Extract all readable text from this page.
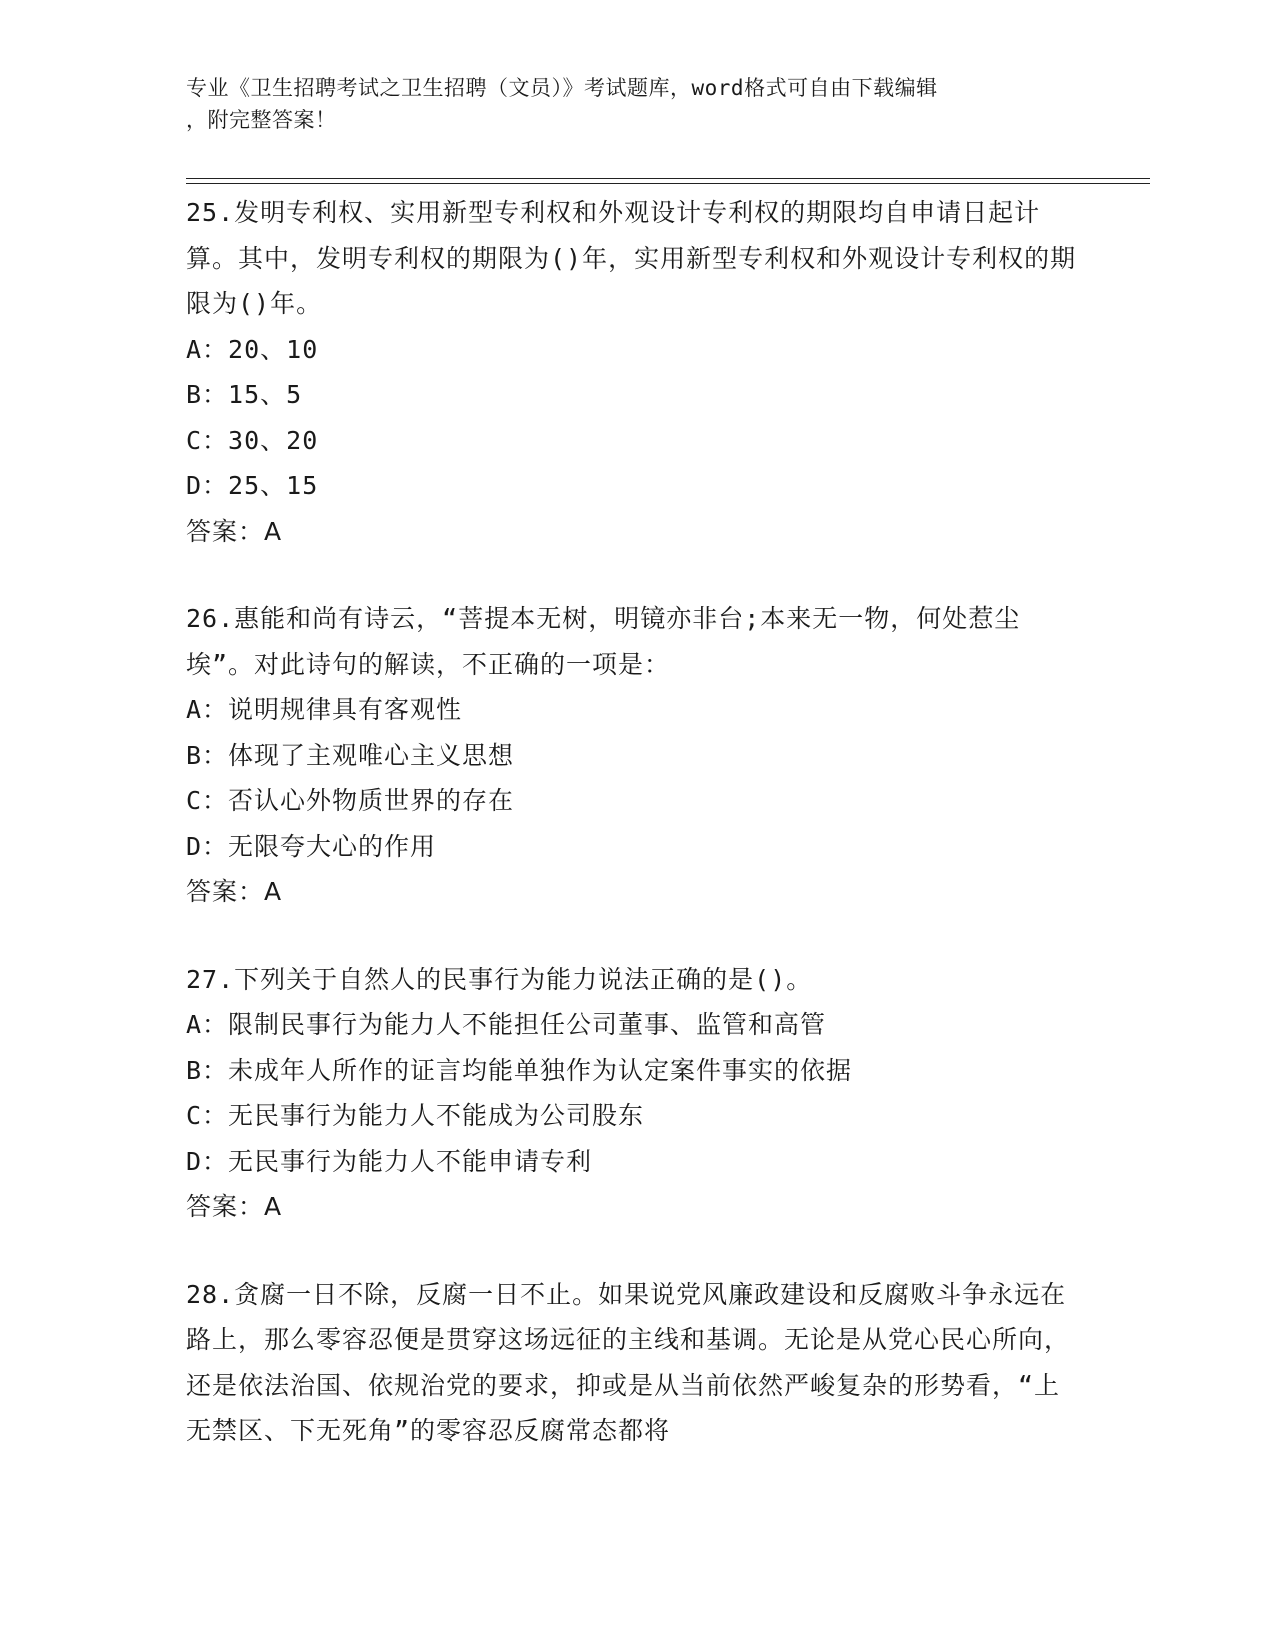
专业《卫生招聘考试之卫生招聘（文员）》考试题库，word格式可自由下载编辑
，附完整答案！
25.发明专利权、实用新型专利权和外观设计专利权的期限均自申请日起计算。其中，发明专利权的期限为()年，实用新型专利权和外观设计专利权的期限为()年。
A：20、10
B：15、5
C：30、20
D：25、15
答案：A
26.惠能和尚有诗云，“菩提本无树，明镜亦非台;本来无一物，何处惹尘埃”。对此诗句的解读，不正确的一项是：
A：说明规律具有客观性
B：体现了主观唯心主义思想
C：否认心外物质世界的存在
D：无限夸大心的作用
答案：A
27.下列关于自然人的民事行为能力说法正确的是()。
A：限制民事行为能力人不能担任公司董事、监管和高管
B：未成年人所作的证言均能单独作为认定案件事实的依据
C：无民事行为能力人不能成为公司股东
D：无民事行为能力人不能申请专利
答案：A
28.贪腐一日不除，反腐一日不止。如果说党风廉政建设和反腐败斗争永远在路上，那么零容忍便是贯穿这场远征的主线和基调。无论是从党心民心所向，还是依法治国、依规治党的要求，抑或是从当前依然严峻复杂的形势看，“上无禁区、下无死角”的零容忍反腐常态都将
